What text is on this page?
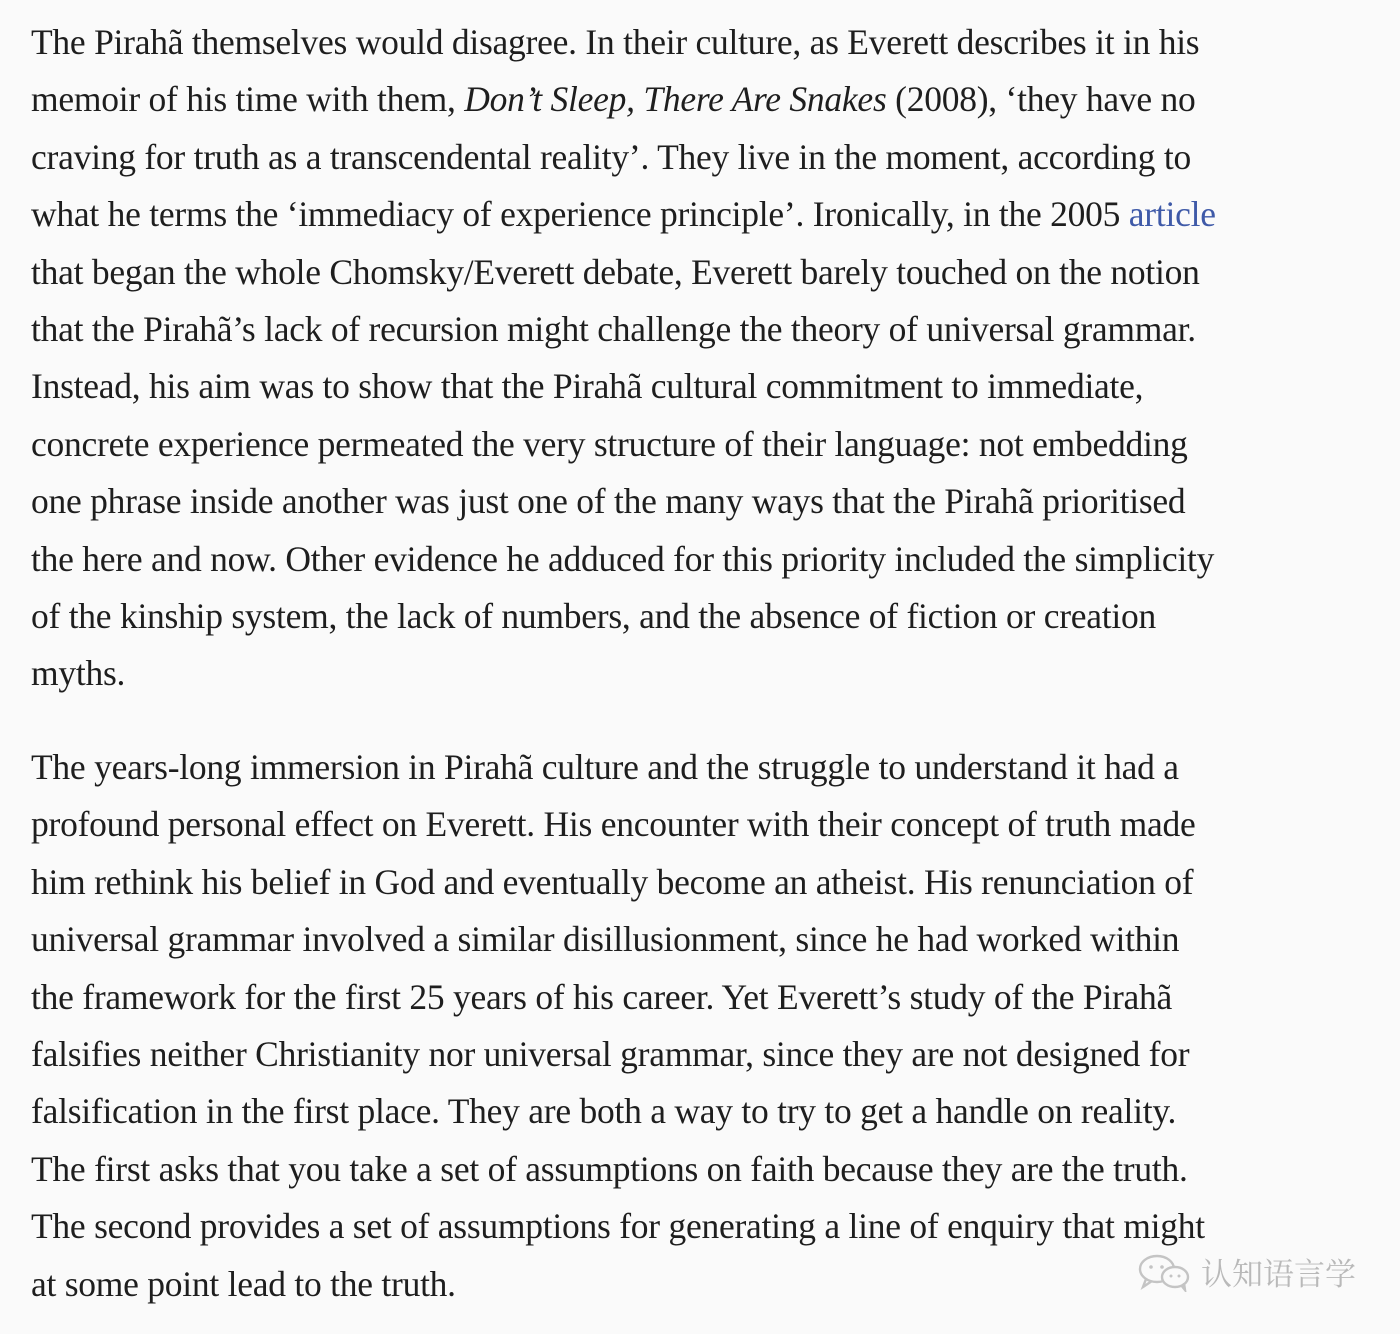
The Pirahã themselves would disagree. In their culture, as Everett describes it in his
memoir of his time with them, Don’t Sleep, There Are Snakes (2008), ‘they have no
craving for truth as a transcendental reality’. They live in the moment, according to
what he terms the ‘immediacy of experience principle’. Ironically, in the 2005 article
that began the whole Chomsky/Everett debate, Everett barely touched on the notion
that the Pirahã’s lack of recursion might challenge the theory of universal grammar.
Instead, his aim was to show that the Pirahã cultural commitment to immediate,
concrete experience permeated the very structure of their language: not embedding
one phrase inside another was just one of the many ways that the Pirahã prioritised
the here and now. Other evidence he adduced for this priority included the simplicity
of the kinship system, the lack of numbers, and the absence of fiction or creation
myths.

The years-long immersion in Pirahã culture and the struggle to understand it had a
profound personal effect on Everett. His encounter with their concept of truth made
him rethink his belief in God and eventually become an atheist. His renunciation of
universal grammar involved a similar disillusionment, since he had worked within
the framework for the first 25 years of his career. Yet Everett’s study of the Pirahã
falsifies neither Christianity nor universal grammar, since they are not designed for
falsification in the first place. They are both a way to try to get a handle on reality.
The first asks that you take a set of assumptions on faith because they are the truth.
The second provides a set of assumptions for generating a line of enquiry that might
at some point lead to the truth.	认知语言学
